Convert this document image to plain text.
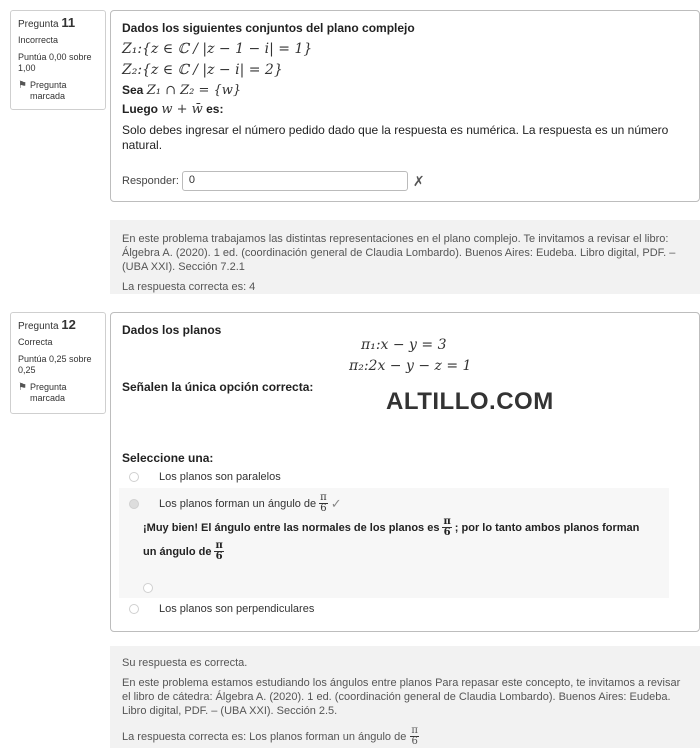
Pregunta 11
Incorrecta
Puntúa 0,00 sobre 1,00
⚑ Pregunta marcada
Dados los siguientes conjuntos del plano complejo
Z₁:{z ∈ ℂ / |z − 1 − i| = 1}
Z₂:{z ∈ ℂ / |z − i| = 2}
Sea Z₁ ∩ Z₂ = {w}
Luego w + w̄ es:
Solo debes ingresar el número pedido dado que la respuesta es numérica. La respuesta es un número natural.
Responder: 0	✗
En este problema trabajamos las distintas representaciones en el plano complejo. Te invitamos a revisar el libro: Álgebra A. (2020). 1 ed. (coordinación general de Claudia Lombardo). Buenos Aires: Eudeba. Libro digital, PDF. – (UBA XXI). Sección 7.2.1
La respuesta correcta es: 4
Pregunta 12
Correcta
Puntúa 0,25 sobre 0,25
⚑ Pregunta marcada
Dados los planos
π₁:x − y = 3
π₂:2x − y − z = 1
Señalen la única opción correcta:
Seleccione una:
Los planos son paralelos
Los planos forman un ángulo de $\frac{\pi}{6}$ ✓
¡Muy bien! El ángulo entre las normales de los planos es $\frac{\pi}{6}$ ; por lo tanto ambos planos forman
un ángulo de $\frac{\pi}{6}$
Los planos son perpendiculares
ALTILLO.COM
Su respuesta es correcta.
En este problema estamos estudiando los ángulos entre planos Para repasar este concepto, te invitamos a revisar el libro de cátedra: Álgebra A. (2020). 1 ed. (coordinación general de Claudia Lombardo). Buenos Aires: Eudeba. Libro digital, PDF. – (UBA XXI). Sección 2.5.
La respuesta correcta es: Los planos forman un ángulo de $\frac{\pi}{6}$
